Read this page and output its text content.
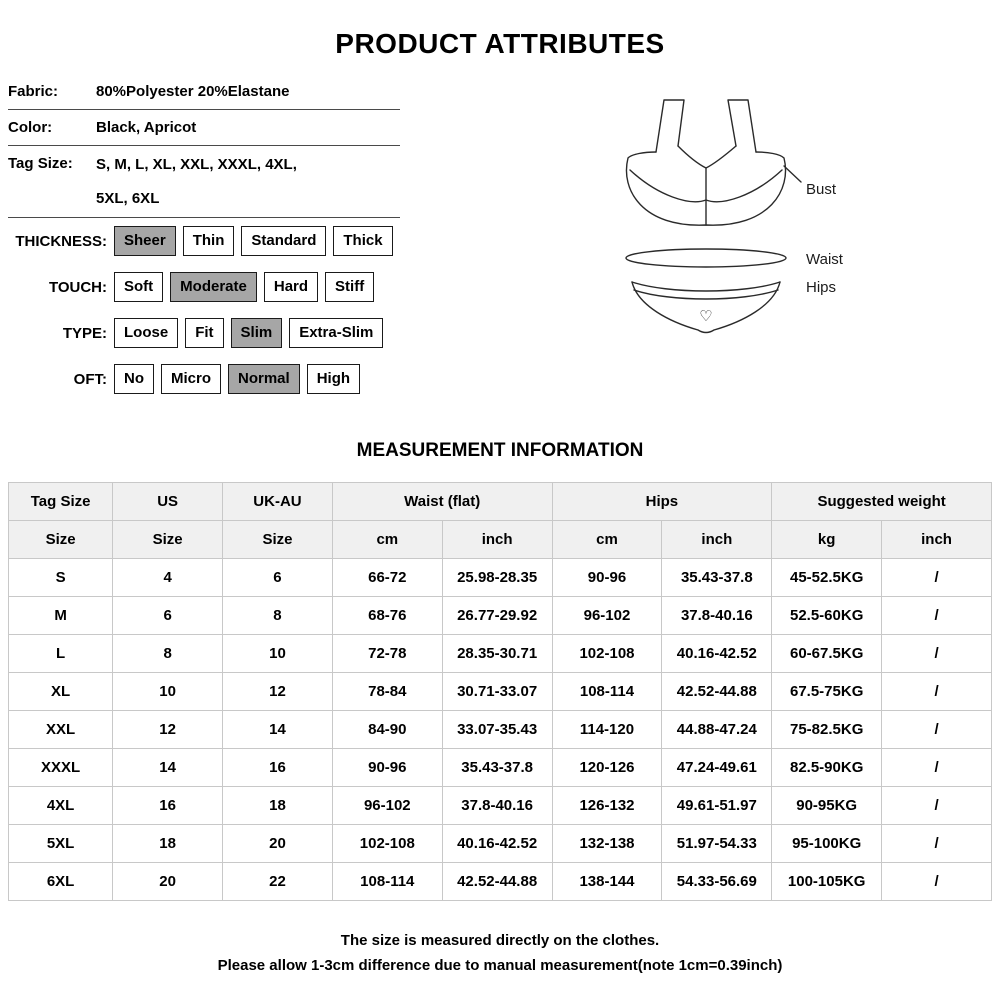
PRODUCT ATTRIBUTES
Fabric:	80%Polyester 20%Elastane
Color:	Black, Apricot
Tag Size:	S, M, L, XL, XXL, XXXL, 4XL,
5XL, 6XL
THICKNESS:	Sheer	Thin	Standard	Thick
TOUCH:	Soft	Moderate	Hard	Stiff
TYPE:	Loose	Fit	Slim	Extra-Slim
OFT:	No	Micro	Normal	High
♡
Bust
Waist
Hips
MEASUREMENT INFORMATION
Tag Size	US	UK-AU	Waist (flat)		Hips		Suggested weight	
Size	Size	Size	cm	inch	cm	inch	kg	inch
S	4	6	66-72	25.98-28.35	90-96	35.43-37.8	45-52.5KG	/
M	6	8	68-76	26.77-29.92	96-102	37.8-40.16	52.5-60KG	/
L	8	10	72-78	28.35-30.71	102-108	40.16-42.52	60-67.5KG	/
XL	10	12	78-84	30.71-33.07	108-114	42.52-44.88	67.5-75KG	/
XXL	12	14	84-90	33.07-35.43	114-120	44.88-47.24	75-82.5KG	/
XXXL	14	16	90-96	35.43-37.8	120-126	47.24-49.61	82.5-90KG	/
4XL	16	18	96-102	37.8-40.16	126-132	49.61-51.97	90-95KG	/
5XL	18	20	102-108	40.16-42.52	132-138	51.97-54.33	95-100KG	/
6XL	20	22	108-114	42.52-44.88	138-144	54.33-56.69	100-105KG	/
The size is measured directly on the clothes.
Please allow 1-3cm difference due to manual measurement(note 1cm=0.39inch)
